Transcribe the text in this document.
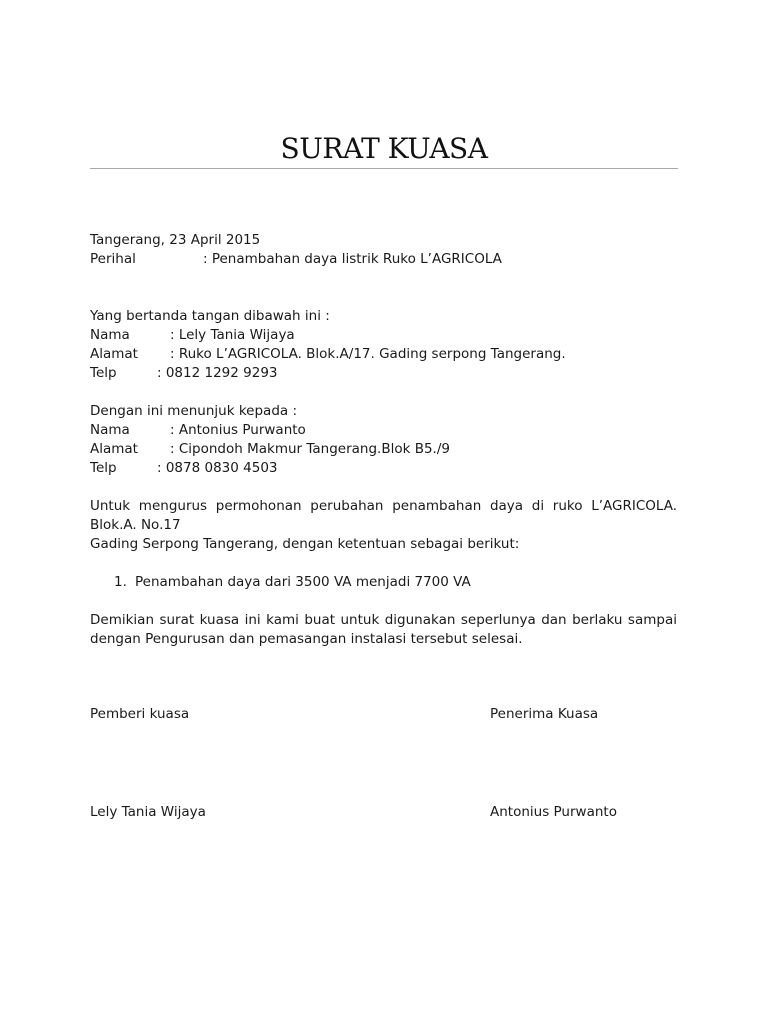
SURAT KUASA
Tangerang, 23 April 2015
Perihal	: Penambahan daya listrik Ruko L’AGRICOLA
Yang bertanda tangan dibawah ini :
Nama	: Lely Tania Wijaya
Alamat : Ruko L’AGRICOLA. Blok.A/17. Gading serpong Tangerang.
Telp	: 0812 1292 9293
Dengan ini menunjuk kepada :
Nama	: Antonius Purwanto
Alamat : Cipondoh Makmur Tangerang.Blok B5./9
Telp	: 0878 0830 4503
Untuk mengurus permohonan perubahan penambahan daya di ruko L’AGRICOLA. Blok.A. No.17
Gading Serpong Tangerang, dengan ketentuan sebagai berikut:
1. Penambahan daya dari 3500 VA menjadi 7700 VA
Demikian surat kuasa ini kami buat untuk digunakan seperlunya dan berlaku sampai dengan Pengurusan dan pemasangan instalasi tersebut selesai.
Pemberi kuasa	Penerima Kuasa
Lely Tania Wijaya	Antonius Purwanto
